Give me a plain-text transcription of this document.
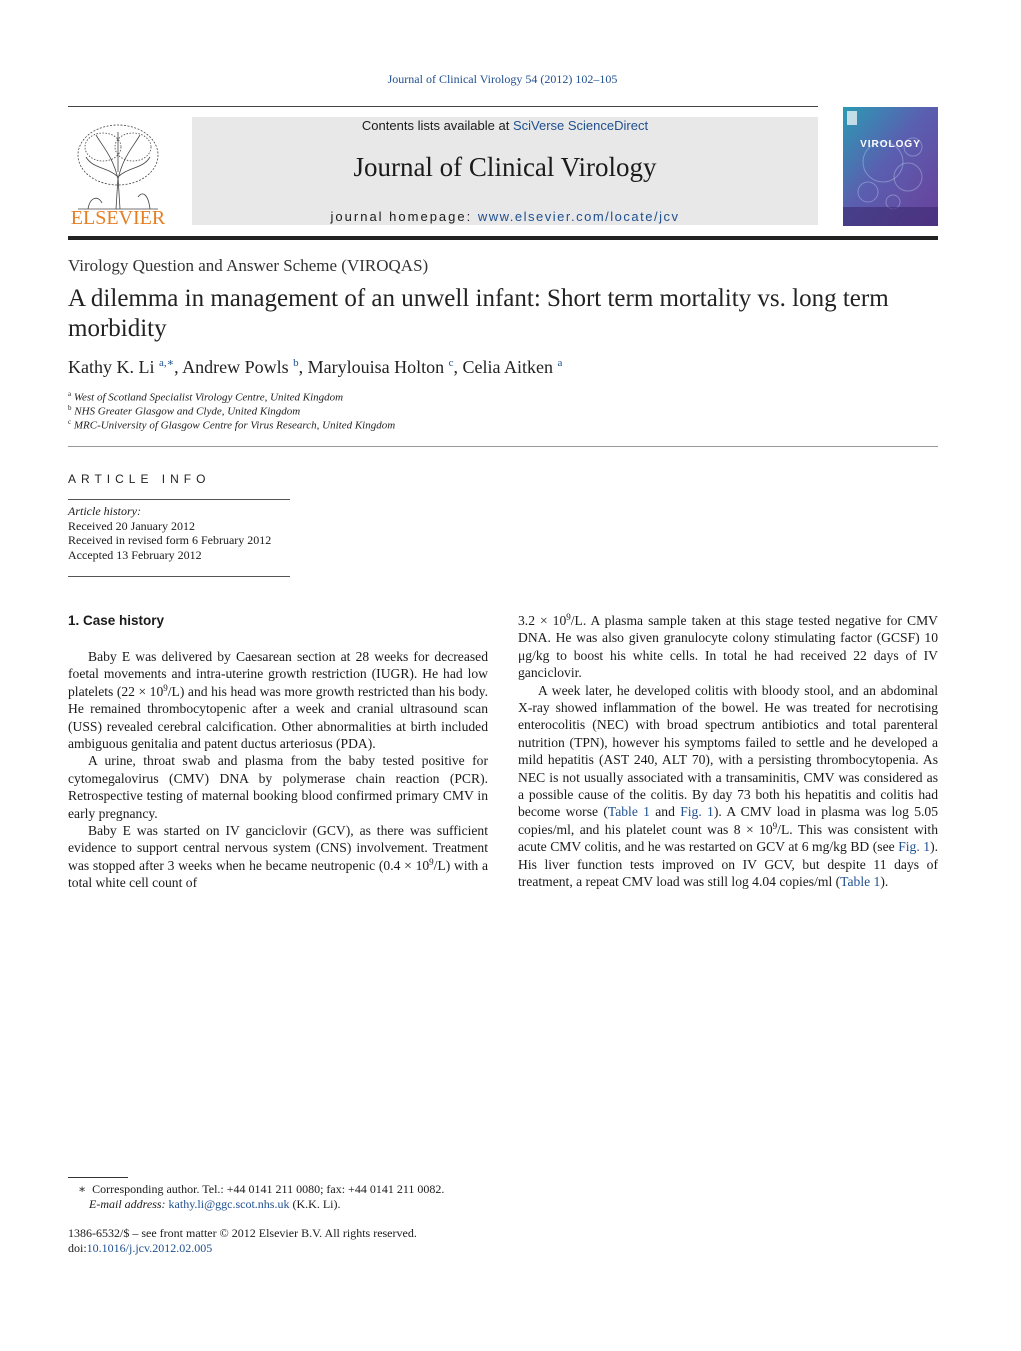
Journal of Clinical Virology 54 (2012) 102–105
ELSEVIER
Contents lists available at SciVerse ScienceDirect
Journal of Clinical Virology
journal homepage: www.elsevier.com/locate/jcv
VIROLOGY
Virology Question and Answer Scheme (VIROQAS)
A dilemma in management of an unwell infant: Short term mortality vs. long term morbidity
Kathy K. Li $^{a,∗}$, Andrew Powls $^b$, Marylouisa Holton $^c$, Celia Aitken $^a$
$^a$ West of Scotland Specialist Virology Centre, United Kingdom
$^b$ NHS Greater Glasgow and Clyde, United Kingdom
$^c$ MRC-University of Glasgow Centre for Virus Research, United Kingdom
ARTICLE INFO
Article history:
Received 20 January 2012
Received in revised form 6 February 2012
Accepted 13 February 2012
1. Case history

Baby E was delivered by Caesarean section at 28 weeks for decreased foetal movements and intra-uterine growth restriction (IUGR). He had low platelets $(22 \times 10^9/L)$ and his head was more growth restricted than his body. He remained thrombocytopenic after a week and cranial ultrasound scan (USS) revealed cerebral calcification. Other abnormalities at birth included ambiguous genitalia and patent ductus arteriosus (PDA).

A urine, throat swab and plasma from the baby tested positive for cytomegalovirus (CMV) DNA by polymerase chain reaction (PCR). Retrospective testing of maternal booking blood confirmed primary CMV in early pregnancy.

Baby E was started on IV ganciclovir (GCV), as there was sufficient evidence to support central nervous system (CNS) involvement. Treatment was stopped after 3 weeks when he became neutropenic $(0.4 \times 10^9/L)$ with a total white cell count of

$3.2 \times 10^9/L$. A plasma sample taken at this stage tested negative for CMV DNA. He was also given granulocyte colony stimulating factor (GCSF) 10 μg/kg to boost his white cells. In total he had received 22 days of IV ganciclovir.

A week later, he developed colitis with bloody stool, and an abdominal X-ray showed inflammation of the bowel. He was treated for necrotising enterocolitis (NEC) with broad spectrum antibiotics and total parenteral nutrition (TPN), however his symptoms failed to settle and he developed a mild hepatitis (AST 240, ALT 70), with a persisting thrombocytopenia. As NEC is not usually associated with a transaminitis, CMV was considered as a possible cause of the colitis. By day 73 both his hepatitis and colitis had become worse (Table 1 and Fig. 1). A CMV load in plasma was log 5.05 copies/ml, and his platelet count was $8 \times 10^9/L$. This was consistent with acute CMV colitis, and he was restarted on GCV at 6 mg/kg BD (see Fig. 1). His liver function tests improved on IV GCV, but despite 11 days of treatment, a repeat CMV load was still log 4.04 copies/ml (Table 1).

∗ Corresponding author. Tel.: +44 0141 211 0080; fax: +44 0141 211 0082.
E-mail address: kathy.li@ggc.scot.nhs.uk (K.K. Li).
1386-6532/$ – see front matter © 2012 Elsevier B.V. All rights reserved.
doi:10.1016/j.jcv.2012.02.005
